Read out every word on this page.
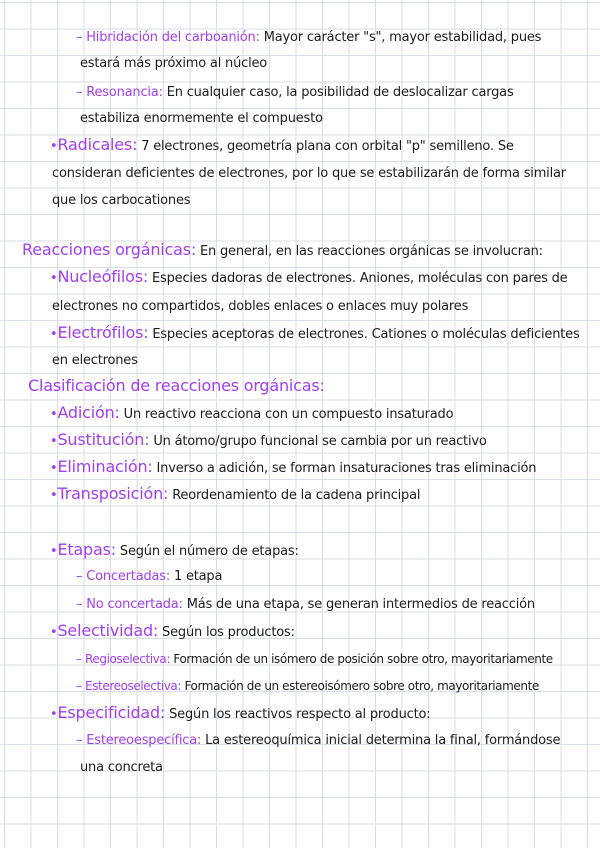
– Hibridación del carboanión: Mayor carácter "s", mayor estabilidad, pues
estará más próximo al núcleo
– Resonancia: En cualquier caso, la posibilidad de deslocalizar cargas
estabiliza enormemente el compuesto
•Radicales: 7 electrones, geometría plana con orbital "p" semilleno. Se
consideran deficientes de electrones, por lo que se estabilizarán de forma similar
que los carbocationes
Reacciones orgánicas: En general, en las reacciones orgánicas se involucran:
•Nucleófilos: Especies dadoras de electrones. Aniones, moléculas con pares de
electrones no compartidos, dobles enlaces o enlaces muy polares
•Electrófilos: Especies aceptoras de electrones. Cationes o moléculas deficientes
en electrones
Clasificación de reacciones orgánicas:
•Adición: Un reactivo reacciona con un compuesto insaturado
•Sustitución: Un átomo/grupo funcional se cambia por un reactivo
•Eliminación: Inverso a adición, se forman insaturaciones tras eliminación
•Transposición: Reordenamiento de la cadena principal
•Etapas: Según el número de etapas:
– Concertadas: 1 etapa
– No concertada: Más de una etapa, se generan intermedios de reacción
•Selectividad: Según los productos:
– Regioselectiva: Formación de un isómero de posición sobre otro, mayoritariamente
– Estereoselectiva: Formación de un estereoisómero sobre otro, mayoritariamente
•Especificidad: Según los reactivos respecto al producto:
– Estereoespecífica: La estereoquímica inicial determina la final, formándose
una concreta
